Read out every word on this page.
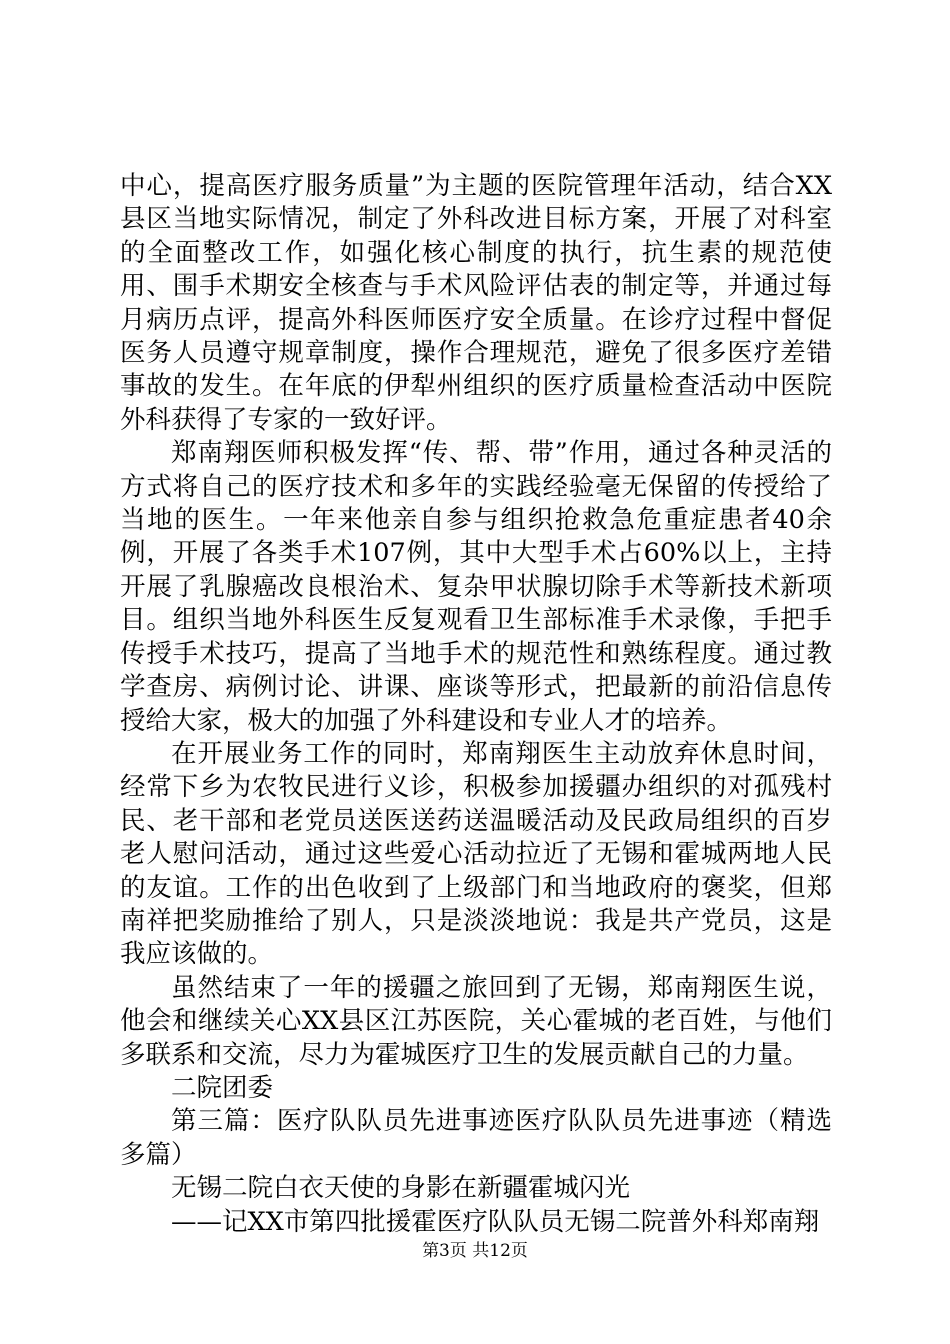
中心，提高医疗服务质量”为主题的医院管理年活动，结合XX县区当地实际情况，制定了外科改进目标方案，开展了对科室的全面整改工作，如强化核心制度的执行，抗生素的规范使用、围手术期安全核查与手术风险评估表的制定等，并通过每月病历点评，提高外科医师医疗安全质量。在诊疗过程中督促医务人员遵守规章制度，操作合理规范，避免了很多医疗差错事故的发生。在年底的伊犁州组织的医疗质量检查活动中医院外科获得了专家的一致好评。

郑南翔医师积极发挥“传、帮、带”作用，通过各种灵活的方式将自己的医疗技术和多年的实践经验毫无保留的传授给了当地的医生。一年来他亲自参与组织抢救急危重症患者40余例，开展了各类手术107例，其中大型手术占60%以上，主持开展了乳腺癌改良根治术、复杂甲状腺切除手术等新技术新项目。组织当地外科医生反复观看卫生部标准手术录像，手把手传授手术技巧，提高了当地手术的规范性和熟练程度。通过教学查房、病例讨论、讲课、座谈等形式，把最新的前沿信息传授给大家，极大的加强了外科建设和专业人才的培养。

在开展业务工作的同时，郑南翔医生主动放弃休息时间，经常下乡为农牧民进行义诊，积极参加援疆办组织的对孤残村民、老干部和老党员送医送药送温暖活动及民政局组织的百岁老人慰问活动，通过这些爱心活动拉近了无锡和霍城两地人民的友谊。工作的出色收到了上级部门和当地政府的褒奖，但郑南祥把奖励推给了别人，只是淡淡地说：我是共产党员，这是我应该做的。

虽然结束了一年的援疆之旅回到了无锡，郑南翔医生说，他会和继续关心XX县区江苏医院，关心霍城的老百姓，与他们多联系和交流，尽力为霍城医疗卫生的发展贡献自己的力量。

二院团委

第三篇：医疗队队员先进事迹医疗队队员先进事迹（精选多篇）

无锡二院白衣天使的身影在新疆霍城闪光

——记XX市第四批援霍医疗队队员无锡二院普外科郑南翔

第3页 共12页
